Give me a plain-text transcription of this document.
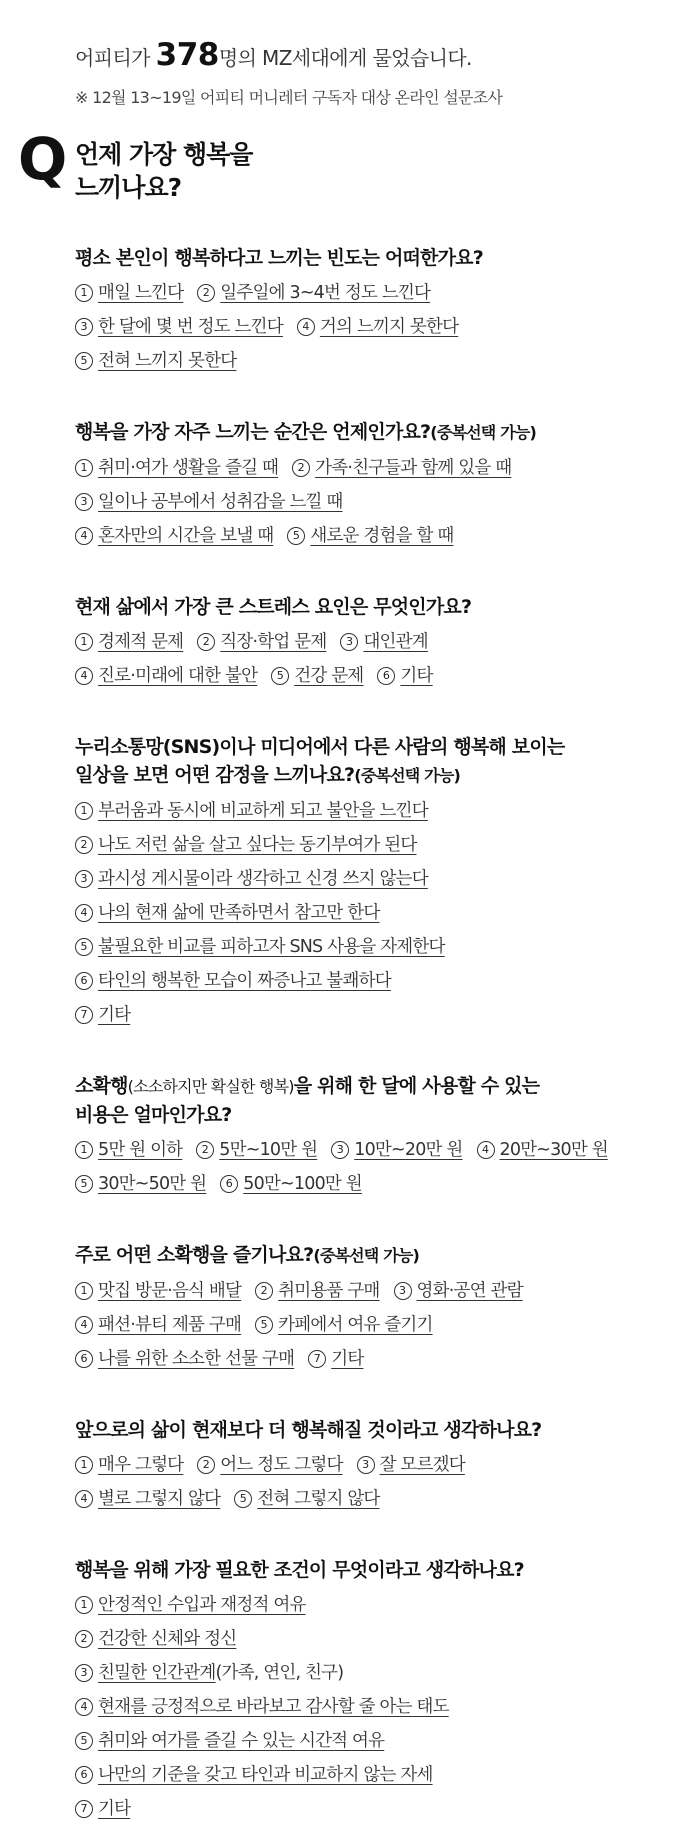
Q
어피티가 378명의 MZ세대에게 물었습니다.
※ 12월 13~19일 어피티 머니레터 구독자 대상 온라인 설문조사
언제 가장 행복을
느끼나요?
평소 본인이 행복하다고 느끼는 빈도는 어떠한가요?
1 매일 느낀다 2 일주일에 3~4번 정도 느낀다
3 한 달에 몇 번 정도 느낀다 4 거의 느끼지 못한다
5 전혀 느끼지 못한다
행복을 가장 자주 느끼는 순간은 언제인가요?(중복선택 가능)
1 취미·여가 생활을 즐길 때 2 가족·친구들과 함께 있을 때
3 일이나 공부에서 성취감을 느낄 때
4 혼자만의 시간을 보낼 때 5 새로운 경험을 할 때
현재 삶에서 가장 큰 스트레스 요인은 무엇인가요?
1 경제적 문제 2 직장·학업 문제 3 대인관계
4 진로·미래에 대한 불안 5 건강 문제 6 기타
누리소통망(SNS)이나 미디어에서 다른 사람의 행복해 보이는
일상을 보면 어떤 감정을 느끼나요?(중복선택 가능)
1 부러움과 동시에 비교하게 되고 불안을 느낀다
2 나도 저런 삶을 살고 싶다는 동기부여가 된다
3 과시성 게시물이라 생각하고 신경 쓰지 않는다
4 나의 현재 삶에 만족하면서 참고만 한다
5 불필요한 비교를 피하고자 SNS 사용을 자제한다
6 타인의 행복한 모습이 짜증나고 불쾌하다
7 기타
소확행(소소하지만 확실한 행복)을 위해 한 달에 사용할 수 있는
비용은 얼마인가요?
1 5만 원 이하 2 5만~10만 원 3 10만~20만 원 4 20만~30만 원
5 30만~50만 원 6 50만~100만 원
주로 어떤 소확행을 즐기나요?(중복선택 가능)
1 맛집 방문·음식 배달 2 취미용품 구매 3 영화·공연 관람
4 패션·뷰티 제품 구매 5 카페에서 여유 즐기기
6 나를 위한 소소한 선물 구매 7 기타
앞으로의 삶이 현재보다 더 행복해질 것이라고 생각하나요?
1 매우 그렇다 2 어느 정도 그렇다 3 잘 모르겠다
4 별로 그렇지 않다 5 전혀 그렇지 않다
행복을 위해 가장 필요한 조건이 무엇이라고 생각하나요?
1 안정적인 수입과 재정적 여유
2 건강한 신체와 정신
3 친밀한 인간관계(가족, 연인, 친구)
4 현재를 긍정적으로 바라보고 감사할 줄 아는 태도
5 취미와 여가를 즐길 수 있는 시간적 여유
6 나만의 기준을 갖고 타인과 비교하지 않는 자세
7 기타
